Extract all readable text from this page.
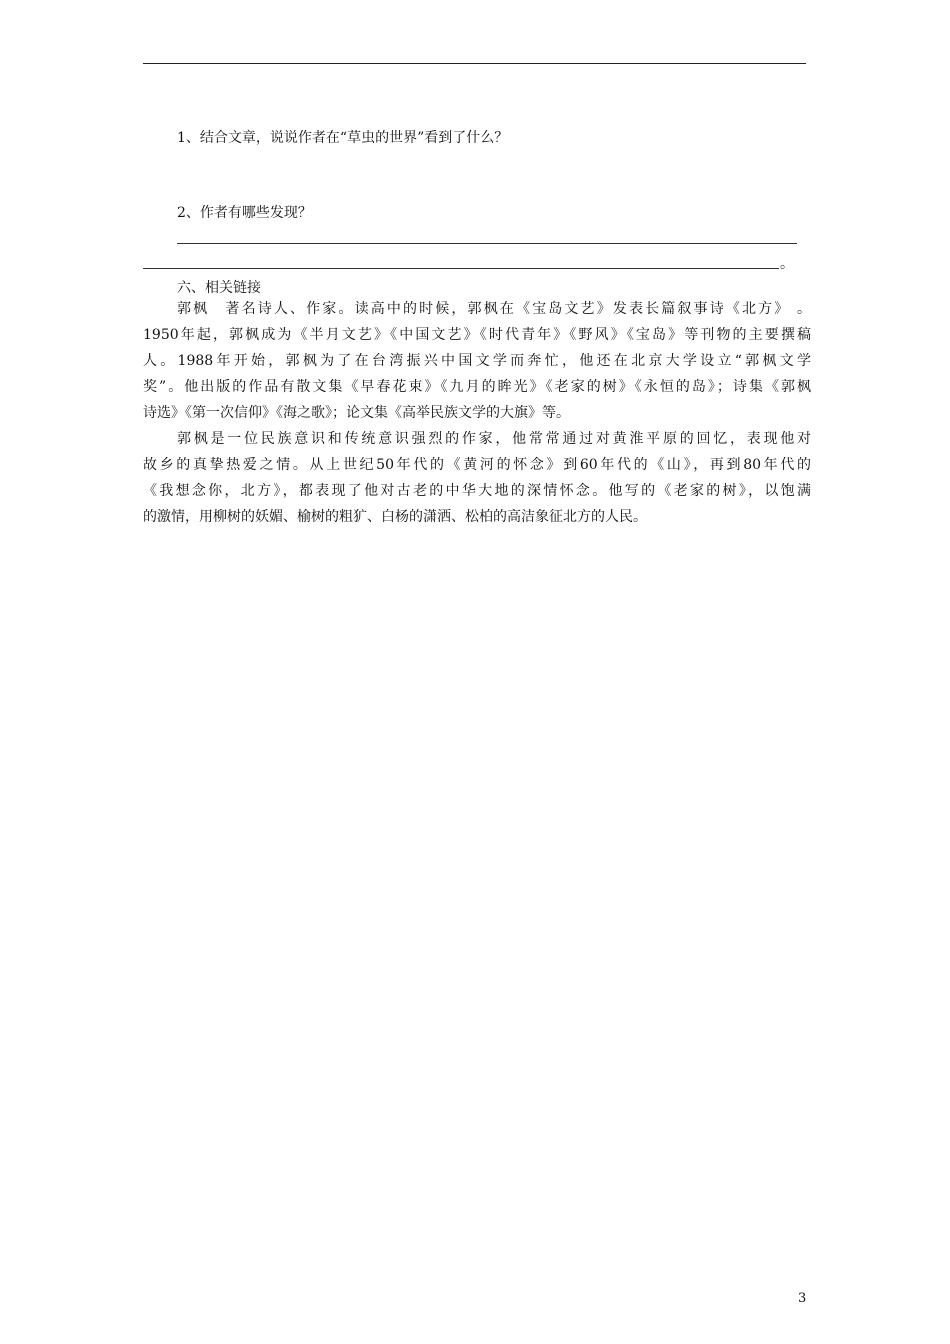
1、结合文章，说说作者在“草虫的世界”看到了什么？
2、作者有哪些发现？
。
六、相关链接
郭枫　著名诗人、作家。读高中的时候，郭枫在《宝岛文艺》发表长篇叙事诗《北方》 。
1950年起，郭枫成为《半月文艺》《中国文艺》《时代青年》《野风》《宝岛》等刊物的主要撰稿
人。1988年开始，郭枫为了在台湾振兴中国文学而奔忙，他还在北京大学设立“郭枫文学
奖”。他出版的作品有散文集《早春花束》《九月的眸光》《老家的树》《永恒的岛》；诗集《郭枫
诗选》《第一次信仰》《海之歌》；论文集《高举民族文学的大旗》等。
郭枫是一位民族意识和传统意识强烈的作家，他常常通过对黄淮平原的回忆，表现他对
故乡的真挚热爱之情。从上世纪50年代的《黄河的怀念》到60年代的《山》，再到80年代的
《我想念你，北方》，都表现了他对古老的中华大地的深情怀念。他写的《老家的树》，以饱满
的激情，用柳树的妖媚、榆树的粗犷、白杨的潇洒、松柏的高洁象征北方的人民。
3
